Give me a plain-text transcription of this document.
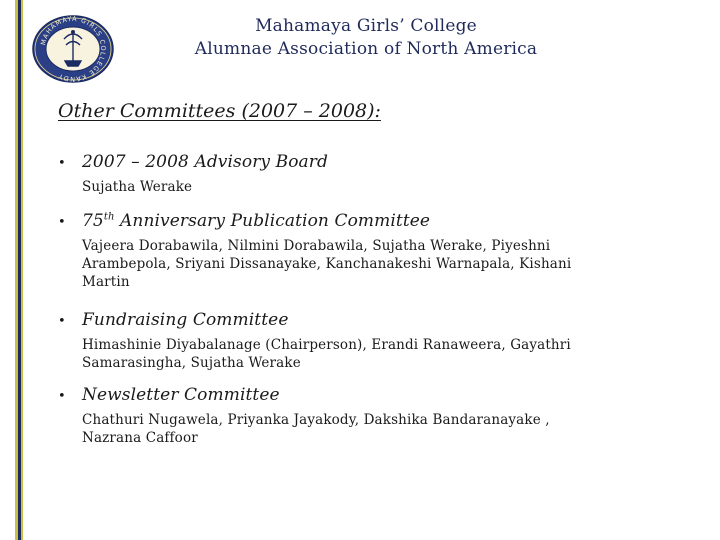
MAHAMAYA GIRLS COLLEGE KANDY
Mahamaya Girls’ College
Alumnae Association of North America
Other Committees (2007 – 2008):
• 2007 – 2008 Advisory Board
Sujatha Werake
• 75th Anniversary Publication Committee
Vajeera Dorabawila, Nilmini Dorabawila, Sujatha Werake, Piyeshni
Arambepola, Sriyani Dissanayake, Kanchanakeshi Warnapala, Kishani
Martin
• Fundraising Committee
Himashinie Diyabalanage (Chairperson), Erandi Ranaweera, Gayathri
Samarasingha, Sujatha Werake
• Newsletter Committee
Chathuri Nugawela, Priyanka Jayakody, Dakshika Bandaranayake ,
Nazrana Caffoor
